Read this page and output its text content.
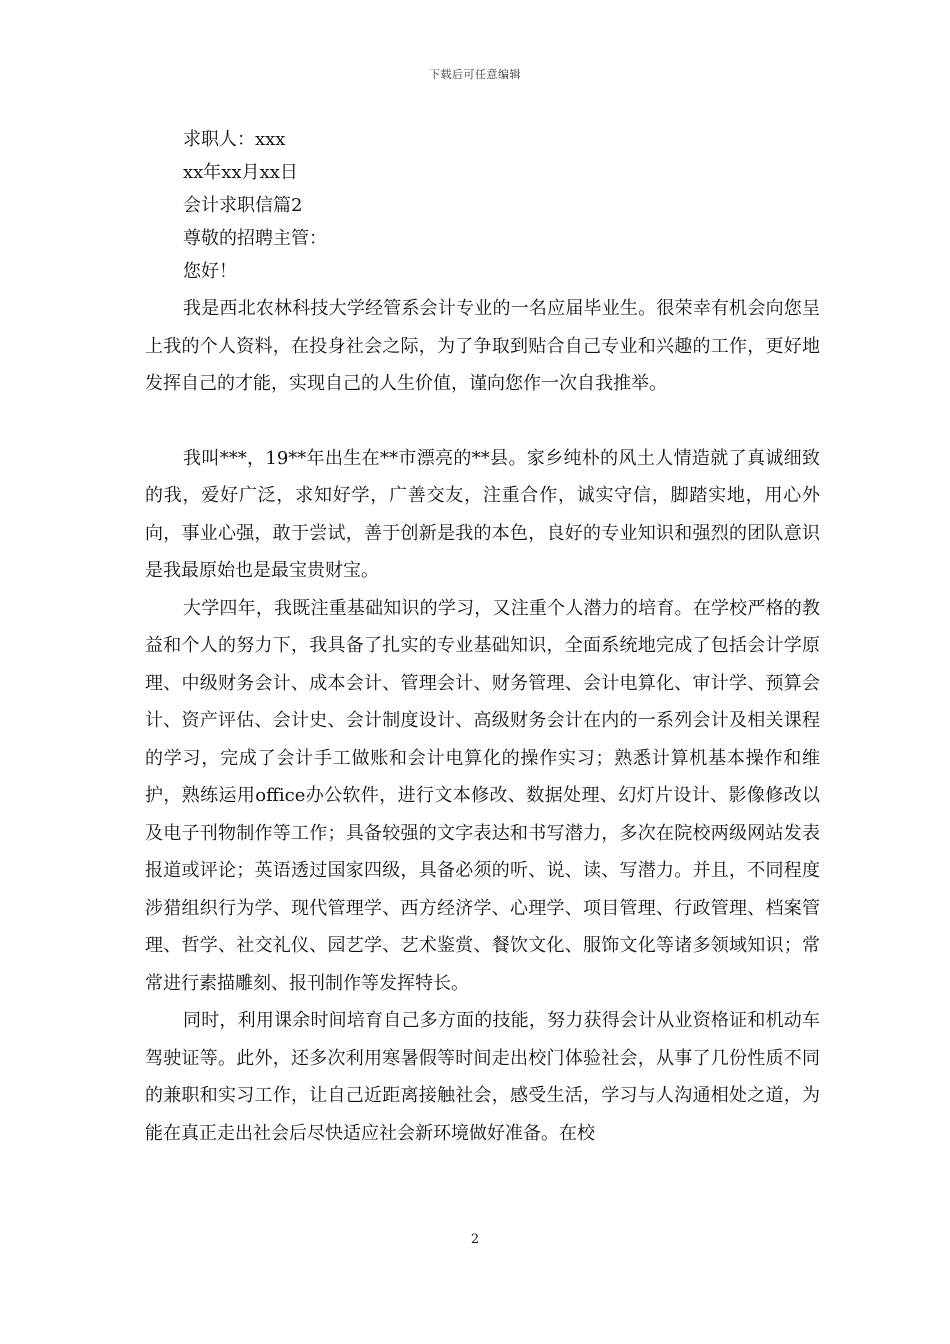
下载后可任意编辑
求职人：xxx
xx年xx月xx日
会计求职信篇2
尊敬的招聘主管：
您好！

我是西北农林科技大学经管系会计专业的一名应届毕业生。很荣幸有机会向您呈上我的个人资料，在投身社会之际，为了争取到贴合自己专业和兴趣的工作，更好地发挥自己的才能，实现自己的人生价值，谨向您作一次自我推举。

我叫***，19**年出生在**市漂亮的**县。家乡纯朴的风土人情造就了真诚细致的我，爱好广泛，求知好学，广善交友，注重合作，诚实守信，脚踏实地，用心外向，事业心强，敢于尝试，善于创新是我的本色，良好的专业知识和强烈的团队意识是我最原始也是最宝贵财宝。

大学四年，我既注重基础知识的学习，又注重个人潜力的培育。在学校严格的教益和个人的努力下，我具备了扎实的专业基础知识，全面系统地完成了包括会计学原理、中级财务会计、成本会计、管理会计、财务管理、会计电算化、审计学、预算会计、资产评估、会计史、会计制度设计、高级财务会计在内的一系列会计及相关课程的学习，完成了会计手工做账和会计电算化的操作实习；熟悉计算机基本操作和维护，熟练运用office办公软件，进行文本修改、数据处理、幻灯片设计、影像修改以及电子刊物制作等工作；具备较强的文字表达和书写潜力，多次在院校两级网站发表报道或评论；英语透过国家四级，具备必须的听、说、读、写潜力。并且，不同程度涉猎组织行为学、现代管理学、西方经济学、心理学、项目管理、行政管理、档案管理、哲学、社交礼仪、园艺学、艺术鉴赏、餐饮文化、服饰文化等诸多领域知识；常常进行素描雕刻、报刊制作等发挥特长。

同时，利用课余时间培育自己多方面的技能，努力获得会计从业资格证和机动车驾驶证等。此外，还多次利用寒暑假等时间走出校门体验社会，从事了几份性质不同的兼职和实习工作，让自己近距离接触社会，感受生活，学习与人沟通相处之道，为能在真正走出社会后尽快适应社会新环境做好准备。在校

2
